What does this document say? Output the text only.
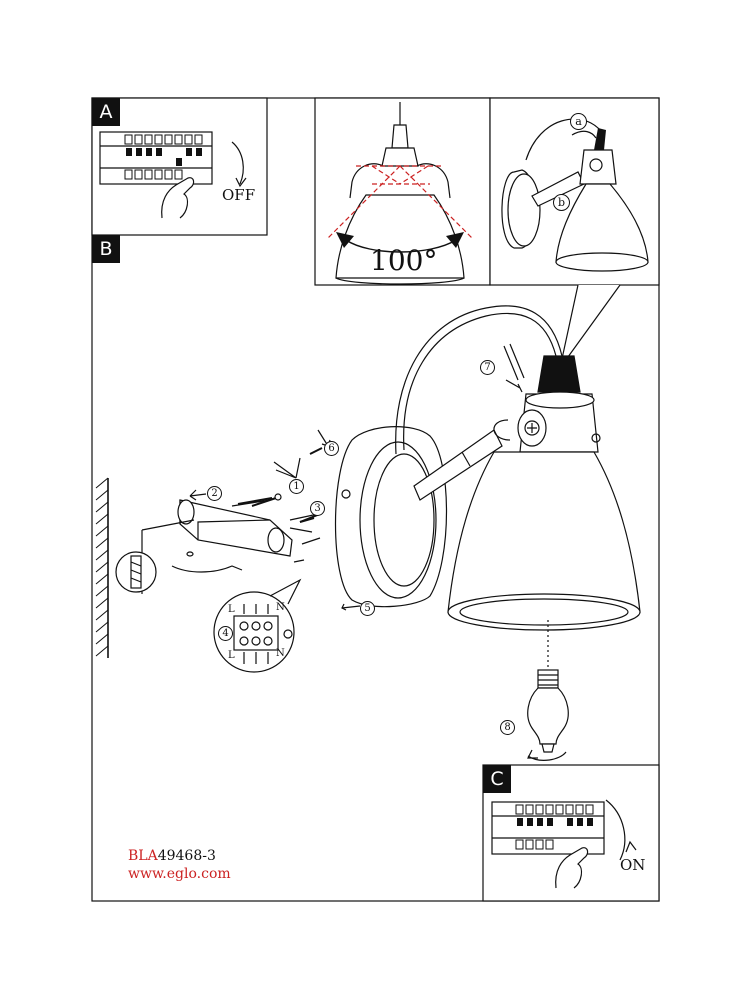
A
B
C
OFF
100°
ON
a
b
1
2
3
4
5
6
7
8
L	N
L	N
BLA49468-3
www.eglo.com
